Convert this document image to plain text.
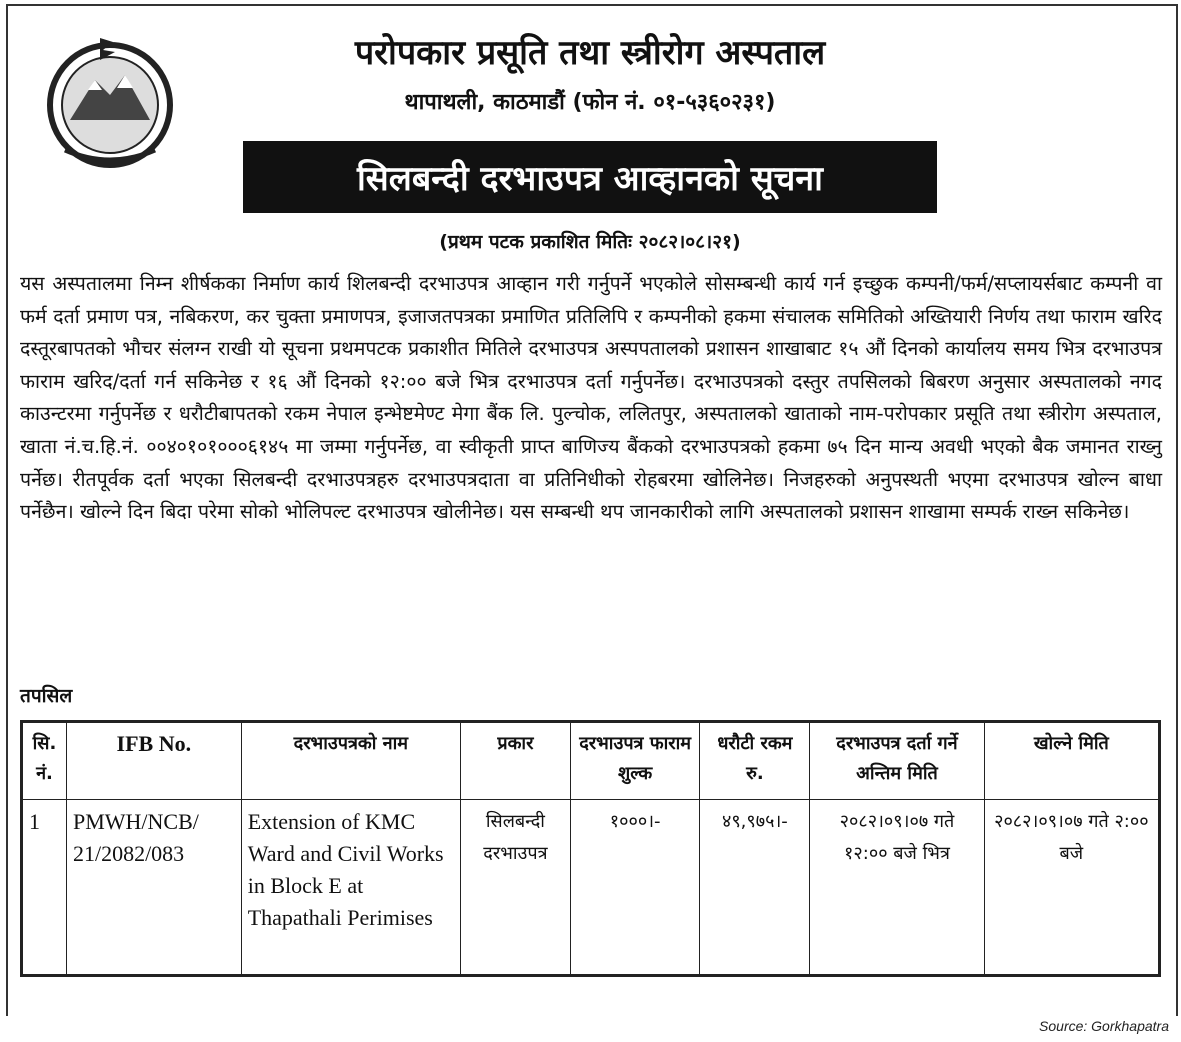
परोपकार प्रसूति तथा स्त्रीरोग अस्पताल
थापाथली, काठमाडौं (फोन नं. ०१-५३६०२३१)
सिलबन्दी दरभाउपत्र आव्हानको सूचना
(प्रथम पटक प्रकाशित मितिः २०८२।०८।२१)
यस अस्पतालमा निम्न शीर्षकका निर्माण कार्य शिलबन्दी दरभाउपत्र आव्हान गरी गर्नुपर्ने भएकोले सोसम्बन्धी कार्य गर्न इच्छुक कम्पनी/फर्म/सप्लायर्सबाट कम्पनी वा फर्म दर्ता प्रमाण पत्र, नबिकरण, कर चुक्ता प्रमाणपत्र, इजाजतपत्रका प्रमाणित प्रतिलिपि र कम्पनीको हकमा संचालक समितिको अख्तियारी निर्णय तथा फाराम खरिद दस्तूरबापतको भौचर संलग्न राखी यो सूचना प्रथमपटक प्रकाशीत मितिले दरभाउपत्र अस्पपतालको प्रशासन शाखाबाट १५ औं दिनको कार्यालय समय भित्र दरभाउपत्र फाराम खरिद/दर्ता गर्न सकिनेछ र १६ औं दिनको १२:०० बजे भित्र दरभाउपत्र दर्ता गर्नुपर्नेछ। दरभाउपत्रको दस्तुर तपसिलको बिबरण अनुसार अस्पतालको नगद काउन्टरमा गर्नुपर्नेछ र धरौटीबापतको रकम नेपाल इन्भेष्टमेण्ट मेगा बैंक लि. पुल्चोक, ललितपुर, अस्पतालको खाताको नाम-परोपकार प्रसूति तथा स्त्रीरोग अस्पताल, खाता नं.च.हि.नं. ००४०१०१०००६१४५ मा जम्मा गर्नुपर्नेछ, वा स्वीकृती प्राप्त बाणिज्य बैंकको दरभाउपत्रको हकमा ७५ दिन मान्य अवधी भएको बैक जमानत राख्नु पर्नेछ। रीतपूर्वक दर्ता भएका सिलबन्दी दरभाउपत्रहरु दरभाउपत्रदाता वा प्रतिनिधीको रोहबरमा खोलिनेछ। निजहरुको अनुपस्थती भएमा दरभाउपत्र खोल्न बाधा पर्नेछैन। खोल्ने दिन बिदा परेमा सोको भोलिपल्ट दरभाउपत्र खोलीनेछ। यस सम्बन्धी थप जानकारीको लागि अस्पतालको प्रशासन शाखामा सम्पर्क राख्न सकिनेछ।
तपसिल
सि. नं.	IFB No.	दरभाउपत्रको नाम	प्रकार	दरभाउपत्र फाराम शुल्क	धरौटी रकम रु.	दरभाउपत्र दर्ता गर्ने अन्तिम मिति	खोल्ने मिति
1	PMWH/NCB/ 21/2082/083	Extension of KMC Ward and Civil Works in Block E at Thapathali Perimises	सिलबन्दी दरभाउपत्र	१०००।-	४९,९७५।-	२०८२।०९।०७ गते १२:०० बजे भित्र	२०८२।०९।०७ गते २:०० बजे
Source: Gorkhapatra
